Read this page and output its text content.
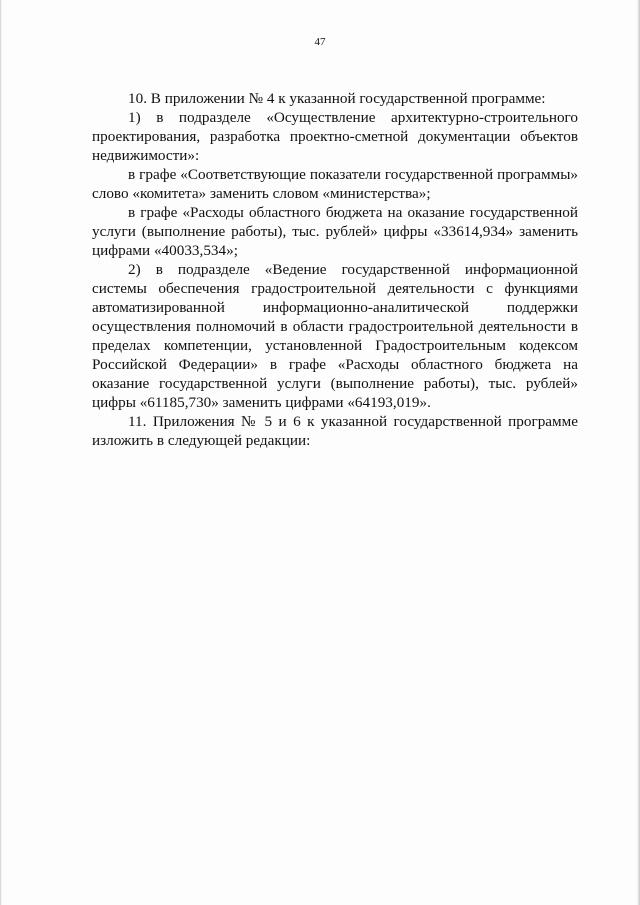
47

10. В приложении № 4 к указанной государственной программе:

1) в подразделе «Осуществление архитектурно-строительного проектирования, разработка проектно-сметной документации объектов недвижимости»:

в графе «Соответствующие показатели государственной программы» слово «комитета» заменить словом «министерства»;

в графе «Расходы областного бюджета на оказание государственной услуги (выполнение работы), тыс. рублей» цифры «33614,934» заменить цифрами «40033,534»;

2) в подразделе «Ведение государственной информационной системы обеспечения градостроительной деятельности с функциями автоматизированной информационно-аналитической поддержки осуществления полномочий в области градостроительной деятельности в пределах компетенции, установленной Градостроительным кодексом Российской Федерации» в графе «Расходы областного бюджета на оказание государственной услуги (выполнение работы), тыс. рублей» цифры «61185,730» заменить цифрами «64193,019».

11. Приложения № 5 и 6 к указанной государственной программе изложить в следующей редакции:
